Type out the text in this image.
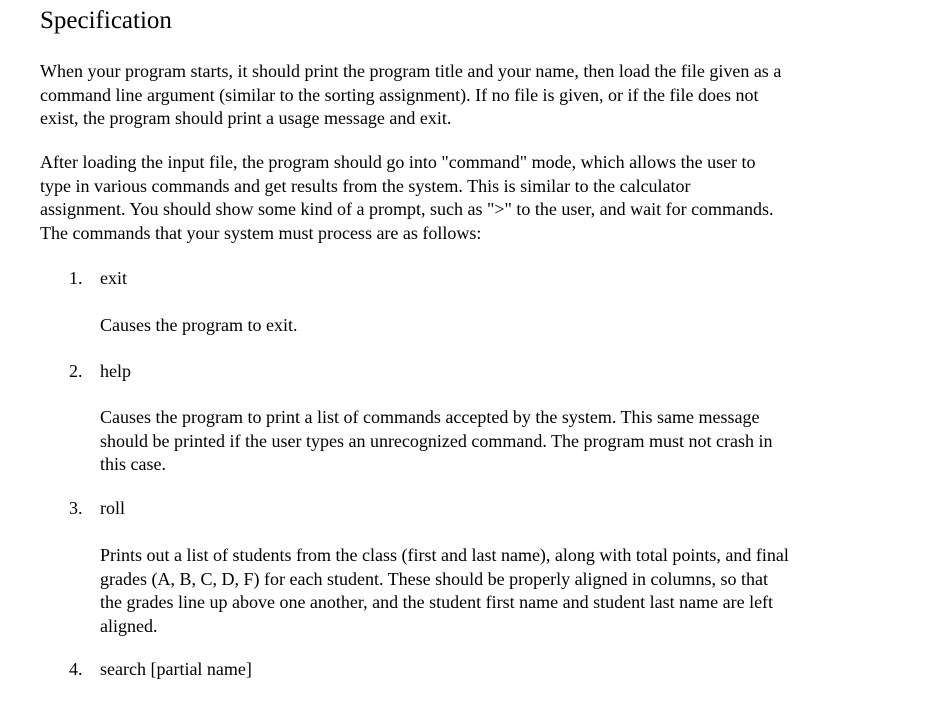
Specification
When your program starts, it should print the program title and your name, then load the file given as a
command line argument (similar to the sorting assignment). If no file is given, or if the file does not
exist, the program should print a usage message and exit.
After loading the input file, the program should go into "command" mode, which allows the user to
type in various commands and get results from the system. This is similar to the calculator
assignment. You should show some kind of a prompt, such as ">" to the user, and wait for commands.
The commands that your system must process are as follows:
1. exit
Causes the program to exit.
2. help
Causes the program to print a list of commands accepted by the system. This same message
should be printed if the user types an unrecognized command. The program must not crash in
this case.
3. roll
Prints out a list of students from the class (first and last name), along with total points, and final
grades (A, B, C, D, F) for each student. These should be properly aligned in columns, so that
the grades line up above one another, and the student first name and student last name are left
aligned.
4. search [partial name]
